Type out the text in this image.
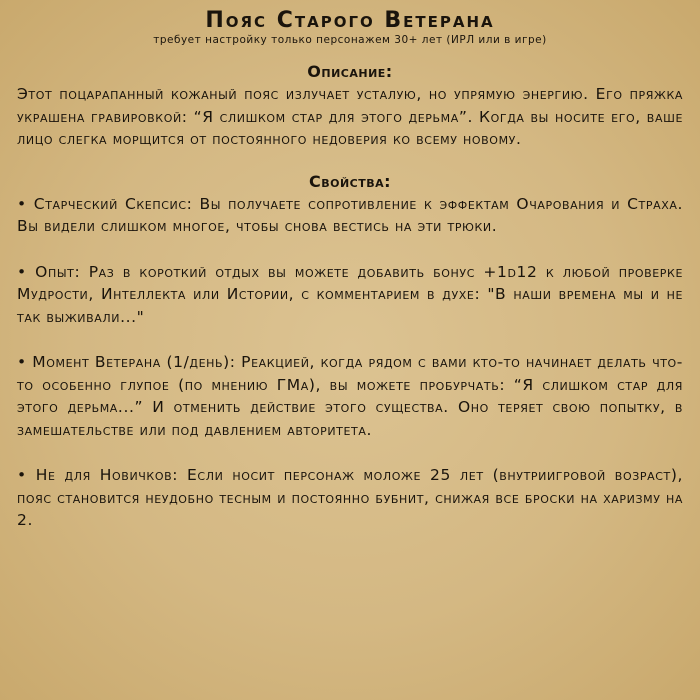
Пояс Старого Ветерана

требует настройку только персонажем 30+ лет (ИРЛ или в игре)

Описание:

Этот поцарапанный кожаный пояс излучает усталую, но упрямую энергию. Его пряжка украшена гравировкой: “Я слишком стар для этого дерьма”. Когда вы носите его, ваше лицо слегка морщится от постоянного недоверия ко всему новому.

Свойства:

• Старческий Скепсис: Вы получаете сопротивление к эффектам Очарования и Страха. Вы видели слишком многое, чтобы снова вестись на эти трюки.

• Опыт: Раз в короткий отдых вы можете добавить бонус +1d12 к любой проверке Мудрости, Интеллекта или Истории, с комментарием в духе: "В наши времена мы и не так выживали..."

• Момент Ветерана (1/день): Реакцией, когда рядом с вами кто-то начинает делать что-то особенно глупое (по мнению ГМа), вы можете пробурчать: “Я слишком стар для этого дерьма...” И отменить действие этого существа. Оно теряет свою попытку, в замешательстве или под давлением авторитета.

• Не для Новичков: Если носит персонаж моложе 25 лет (внутриигровой возраст), пояс становится неудобно тесным и постоянно бубнит, снижая все броски на харизму на 2.
